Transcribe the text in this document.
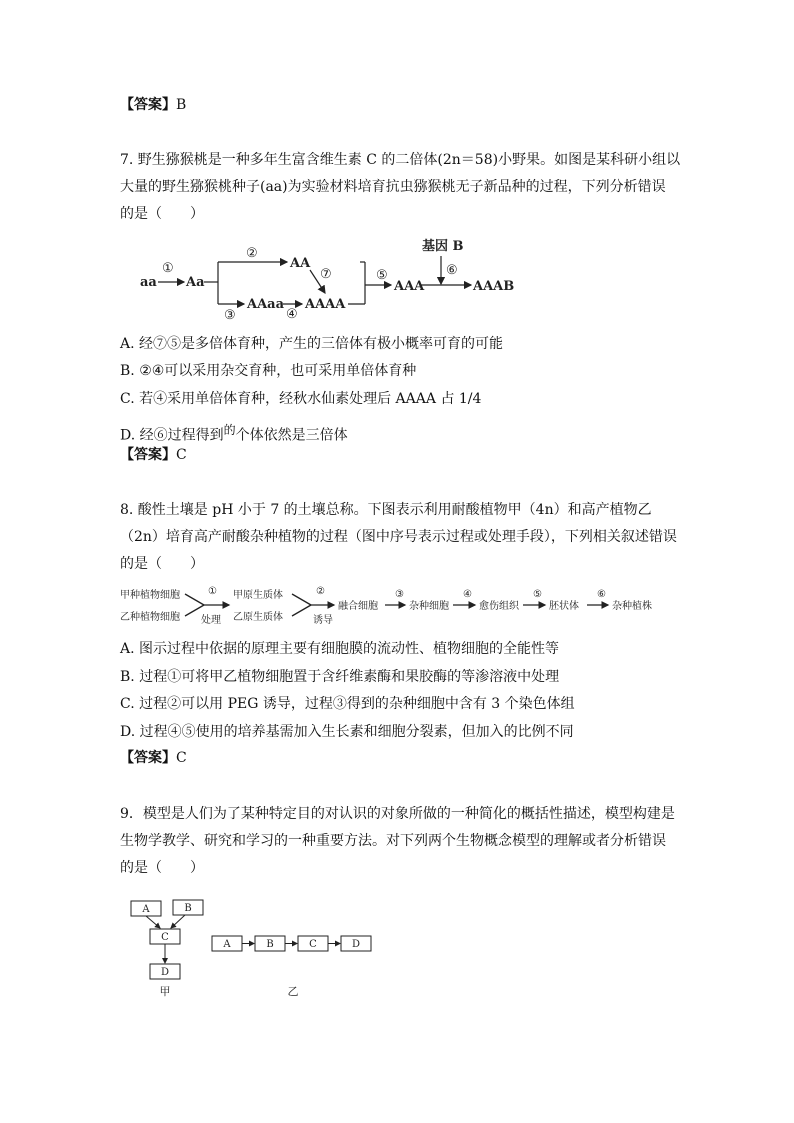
【答案】B
7. 野生猕猴桃是一种多年生富含维生素 C 的二倍体(2n＝58)小野果。如图是某科研小组以
大量的野生猕猴桃种子(aa)为实验材料培育抗虫猕猴桃无子新品种的过程，下列分析错误
的是（　　）
aa Aa
AA
AAaa AAAA
AAA	AAAB
基因 B
①
②
③	④
⑤	⑥
⑦
A. 经⑦⑤是多倍体育种，产生的三倍体有极小概率可育的可能
B. ②④可以采用杂交育种，也可采用单倍体育种
C. 若④采用单倍体育种，经秋水仙素处理后 AAAA 占 1/4
D. 经⑥过程得到$^的$个体依然是三倍体
【答案】C
8. 酸性土壤是 pH 小于 7 的土壤总称。下图表示利用耐酸植物甲（4n）和高产植物乙
（2n）培育高产耐酸杂种植物的过程（图中序号表示过程或处理手段），下列相关叙述错误
的是（　　）
甲种植物细胞
乙种植物细胞
①
处理
甲原生质体
乙原生质体
②
诱导
融合细胞
③
杂种细胞
④
愈伤组织
⑤
胚状体
⑥
杂种植株
A. 图示过程中依据的原理主要有细胞膜的流动性、植物细胞的全能性等
B. 过程①可将甲乙植物细胞置于含纤维素酶和果胶酶的等渗溶液中处理
C. 过程②可以用 PEG 诱导，过程③得到的杂种细胞中含有 3 个染色体组
D. 过程④⑤使用的培养基需加入生长素和细胞分裂素，但加入的比例不同
【答案】C
9．模型是人们为了某种特定目的对认识的对象所做的一种简化的概括性描述，模型构建是
生物学教学、研究和学习的一种重要方法。对下列两个生物概念模型的理解或者分析错误
的是（　　）
A	B
C
D
A	B	C	D
甲	乙
